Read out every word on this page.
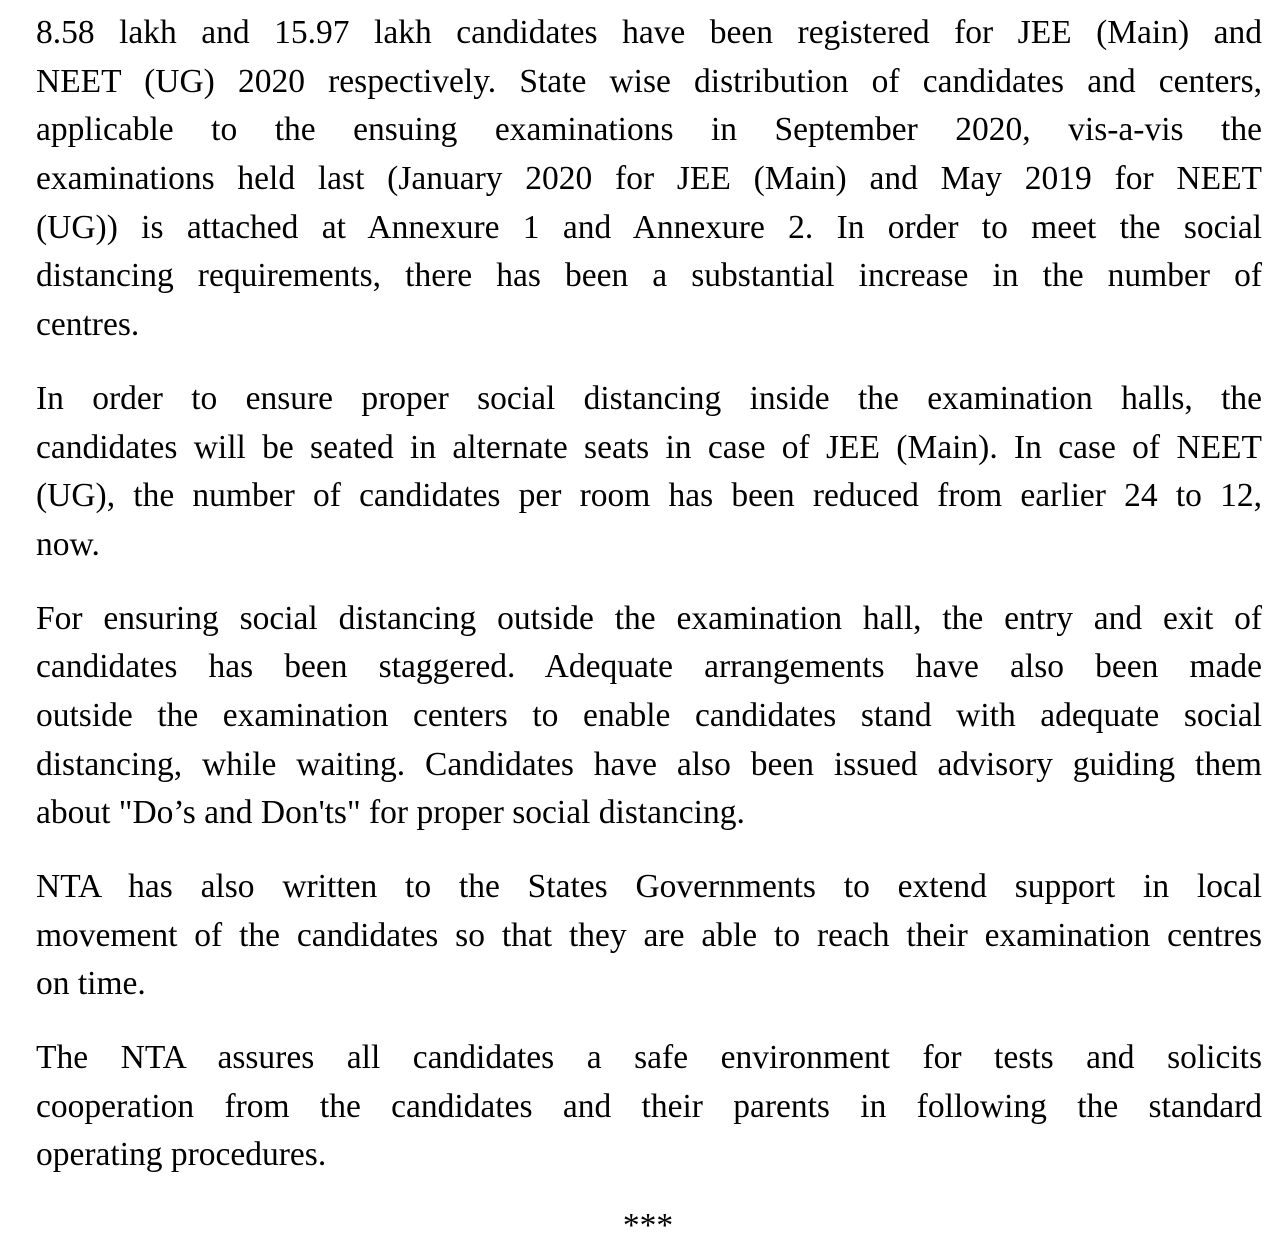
8.58 lakh and 15.97 lakh candidates have been registered for JEE (Main) and
NEET (UG) 2020 respectively. State wise distribution of candidates and centers,
applicable to the ensuing examinations in September 2020, vis-a-vis the
examinations held last (January 2020 for JEE (Main) and May 2019 for NEET
(UG)) is attached at Annexure 1 and Annexure 2. In order to meet the social
distancing requirements, there has been a substantial increase in the number of
centres.
In order to ensure proper social distancing inside the examination halls, the
candidates will be seated in alternate seats in case of JEE (Main). In case of NEET
(UG), the number of candidates per room has been reduced from earlier 24 to 12,
now.
For ensuring social distancing outside the examination hall, the entry and exit of
candidates has been staggered. Adequate arrangements have also been made
outside the examination centers to enable candidates stand with adequate social
distancing, while waiting. Candidates have also been issued advisory guiding them
about "Do’s and Don'ts" for proper social distancing.
NTA has also written to the States Governments to extend support in local
movement of the candidates so that they are able to reach their examination centres
on time.
The NTA assures all candidates a safe environment for tests and solicits
cooperation from the candidates and their parents in following the standard
operating procedures.
***
